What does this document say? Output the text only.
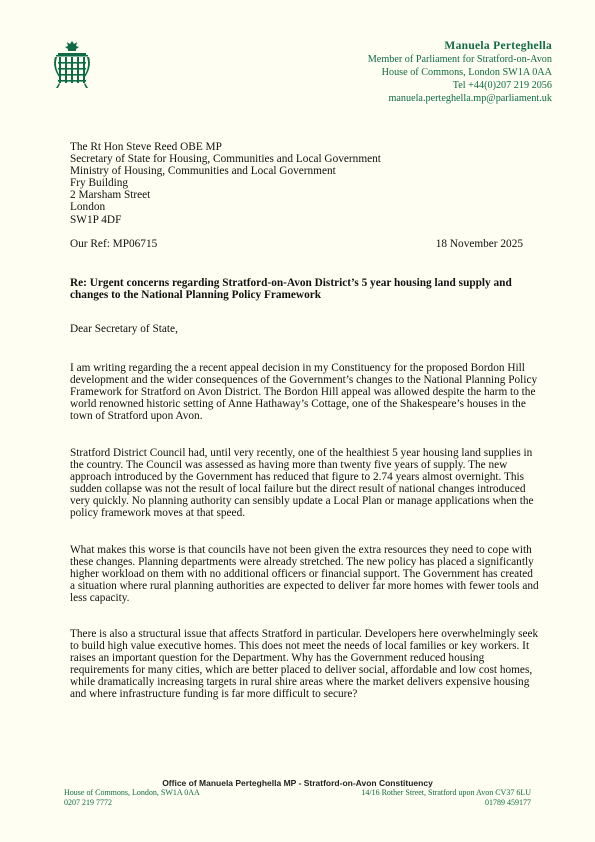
Manuela Perteghella
Member of Parliament for Stratford-on-Avon
House of Commons, London SW1A 0AA
Tel +44(0)207 219 2056
manuela.perteghella.mp@parliament.uk
The Rt Hon Steve Reed OBE MP
Secretary of State for Housing, Communities and Local Government
Ministry of Housing, Communities and Local Government
Fry Building
2 Marsham Street
London
SW1P 4DF
Our Ref: MP06715	18 November 2025
Re: Urgent concerns regarding Stratford-on-Avon District’s 5 year housing land supply and changes to the National Planning Policy Framework
Dear Secretary of State,
I am writing regarding the a recent appeal decision in my Constituency for the proposed Bordon Hill development and the wider consequences of the Government’s changes to the National Planning Policy Framework for Stratford on Avon District. The Bordon Hill appeal was allowed despite the harm to the world renowned historic setting of Anne Hathaway’s Cottage, one of the Shakespeare’s houses in the town of Stratford upon Avon.
Stratford District Council had, until very recently, one of the healthiest 5 year housing land supplies in the country. The Council was assessed as having more than twenty five years of supply. The new approach introduced by the Government has reduced that figure to 2.74 years almost overnight. This sudden collapse was not the result of local failure but the direct result of national changes introduced very quickly. No planning authority can sensibly update a Local Plan or manage applications when the policy framework moves at that speed.
What makes this worse is that councils have not been given the extra resources they need to cope with these changes. Planning departments were already stretched. The new policy has placed a significantly higher workload on them with no additional officers or financial support. The Government has created a situation where rural planning authorities are expected to deliver far more homes with fewer tools and less capacity.
There is also a structural issue that affects Stratford in particular. Developers here overwhelmingly seek to build high value executive homes. This does not meet the needs of local families or key workers. It raises an important question for the Department. Why has the Government reduced housing requirements for many cities, which are better placed to deliver social, affordable and low cost homes, while dramatically increasing targets in rural shire areas where the market delivers expensive housing and where infrastructure funding is far more difficult to secure?
Office of Manuela Perteghella MP - Stratford-on-Avon Constituency
House of Commons, London, SW1A 0AA
0207 219 7772
14/16 Rother Street, Stratford upon Avon CV37 6LU
01789 459177
